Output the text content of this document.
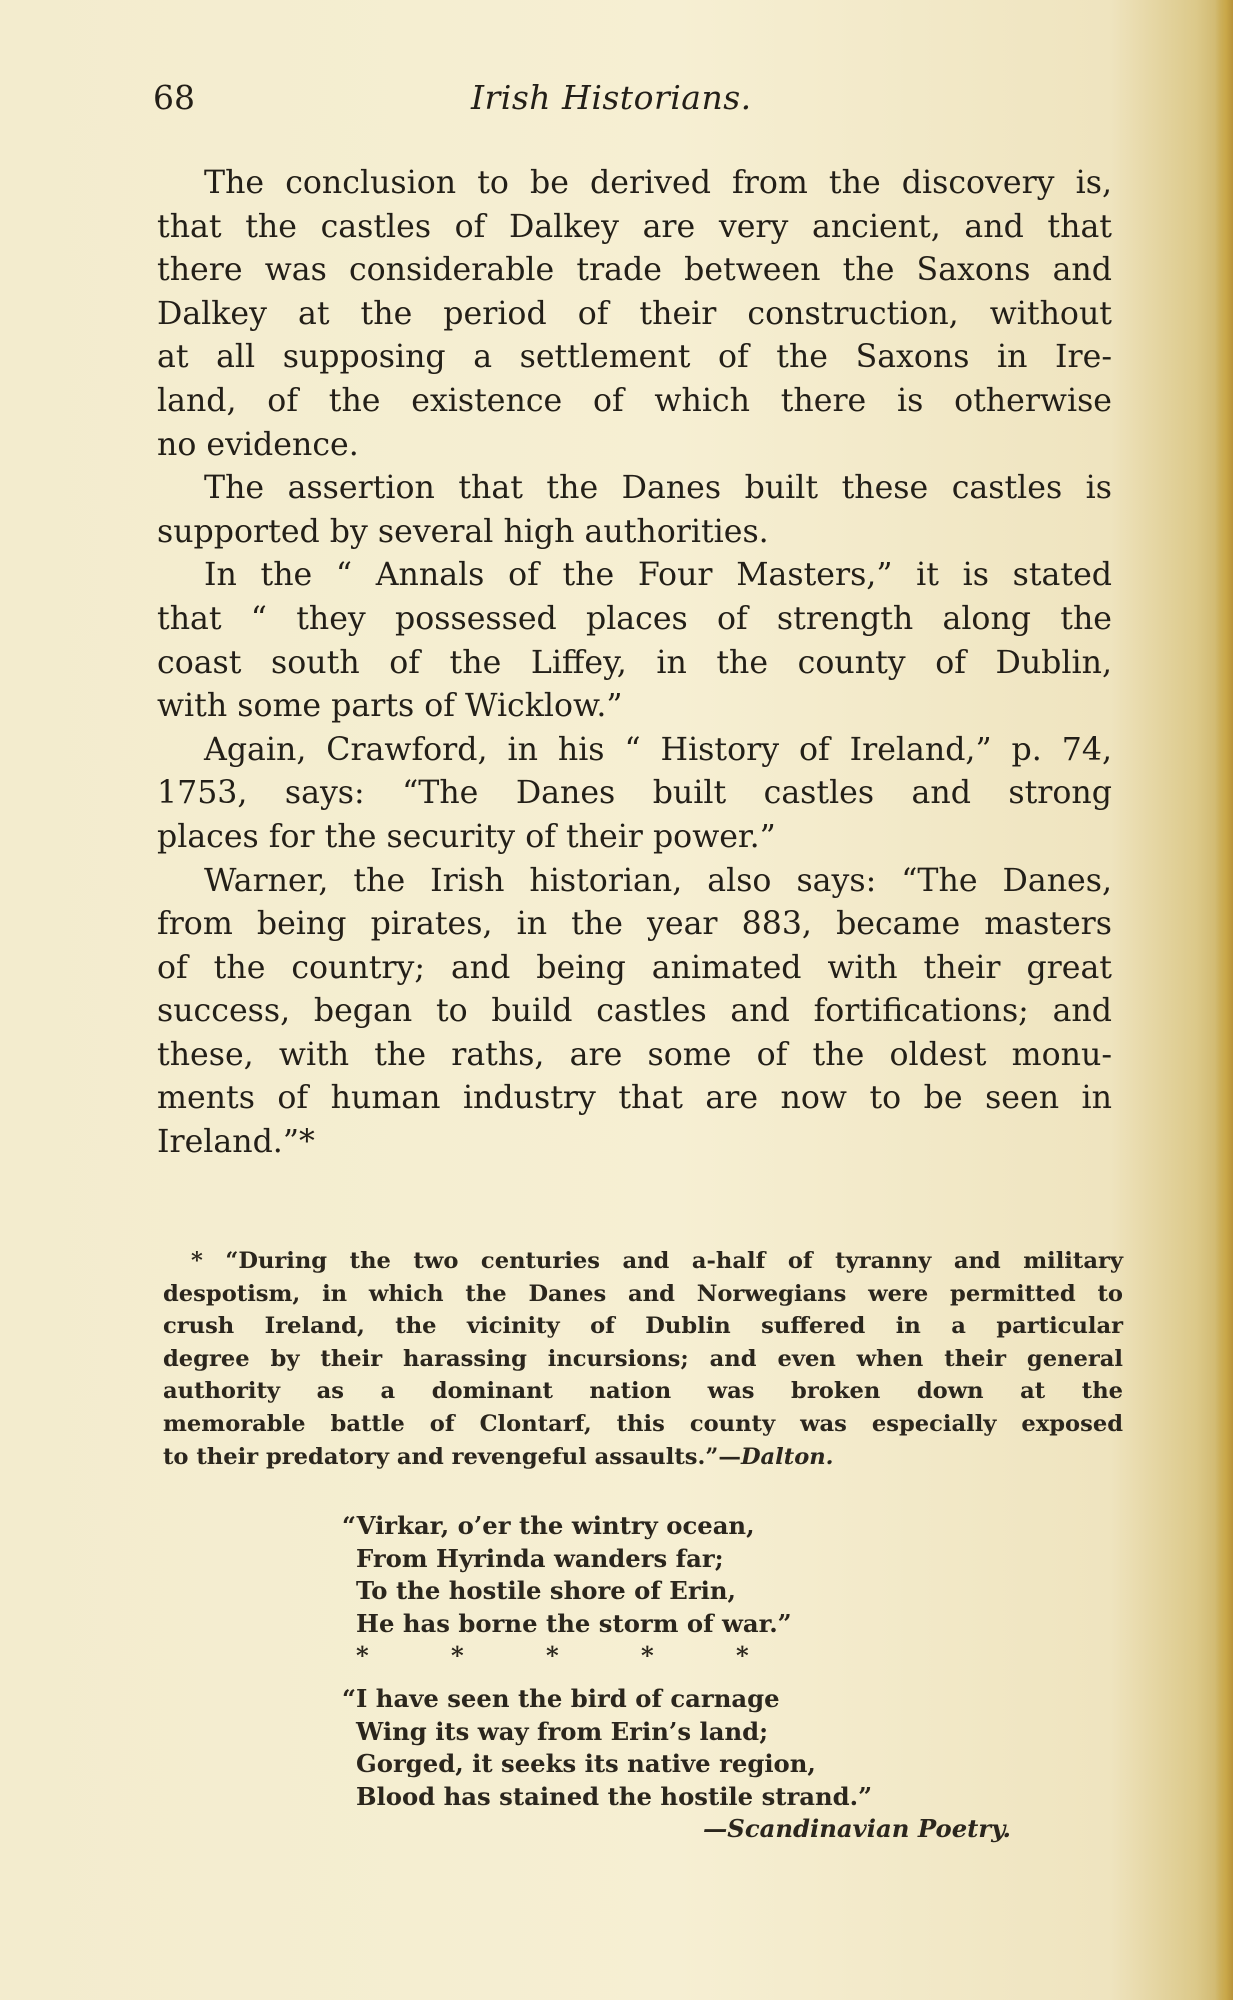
68	Irish Historians.
The conclusion to be derived from the discovery is,
that the castles of Dalkey are very ancient, and that
there was considerable trade between the Saxons and
Dalkey at the period of their construction, without
at all supposing a settlement of the Saxons in Ire-
land, of the existence of which there is otherwise
no evidence.
The assertion that the Danes built these castles is
supported by several high authorities.
In the “ Annals of the Four Masters,” it is stated
that “ they possessed places of strength along the
coast south of the Liffey, in the county of Dublin,
with some parts of Wicklow.”
Again, Crawford, in his “ History of Ireland,” p. 74,
1753, says: “The Danes built castles and strong
places for the security of their power.”
Warner, the Irish historian, also says: “The Danes,
from being pirates, in the year 883, became masters
of the country; and being animated with their great
success, began to build castles and fortifications; and
these, with the raths, are some of the oldest monu-
ments of human industry that are now to be seen in
Ireland.”*
* “During the two centuries and a-half of tyranny and military
despotism, in which the Danes and Norwegians were permitted to
crush Ireland, the vicinity of Dublin suffered in a particular
degree by their harassing incursions; and even when their general
authority as a dominant nation was broken down at the
memorable battle of Clontarf, this county was especially exposed
to their predatory and revengeful assaults.”—Dalton.
“Virkar, o’er the wintry ocean,
From Hyrinda wanders far;
To the hostile shore of Erin,
He has borne the storm of war.”
*	*	*	*	*
“I have seen the bird of carnage
Wing its way from Erin’s land;
Gorged, it seeks its native region,
Blood has stained the hostile strand.”
—Scandinavian Poetry.
